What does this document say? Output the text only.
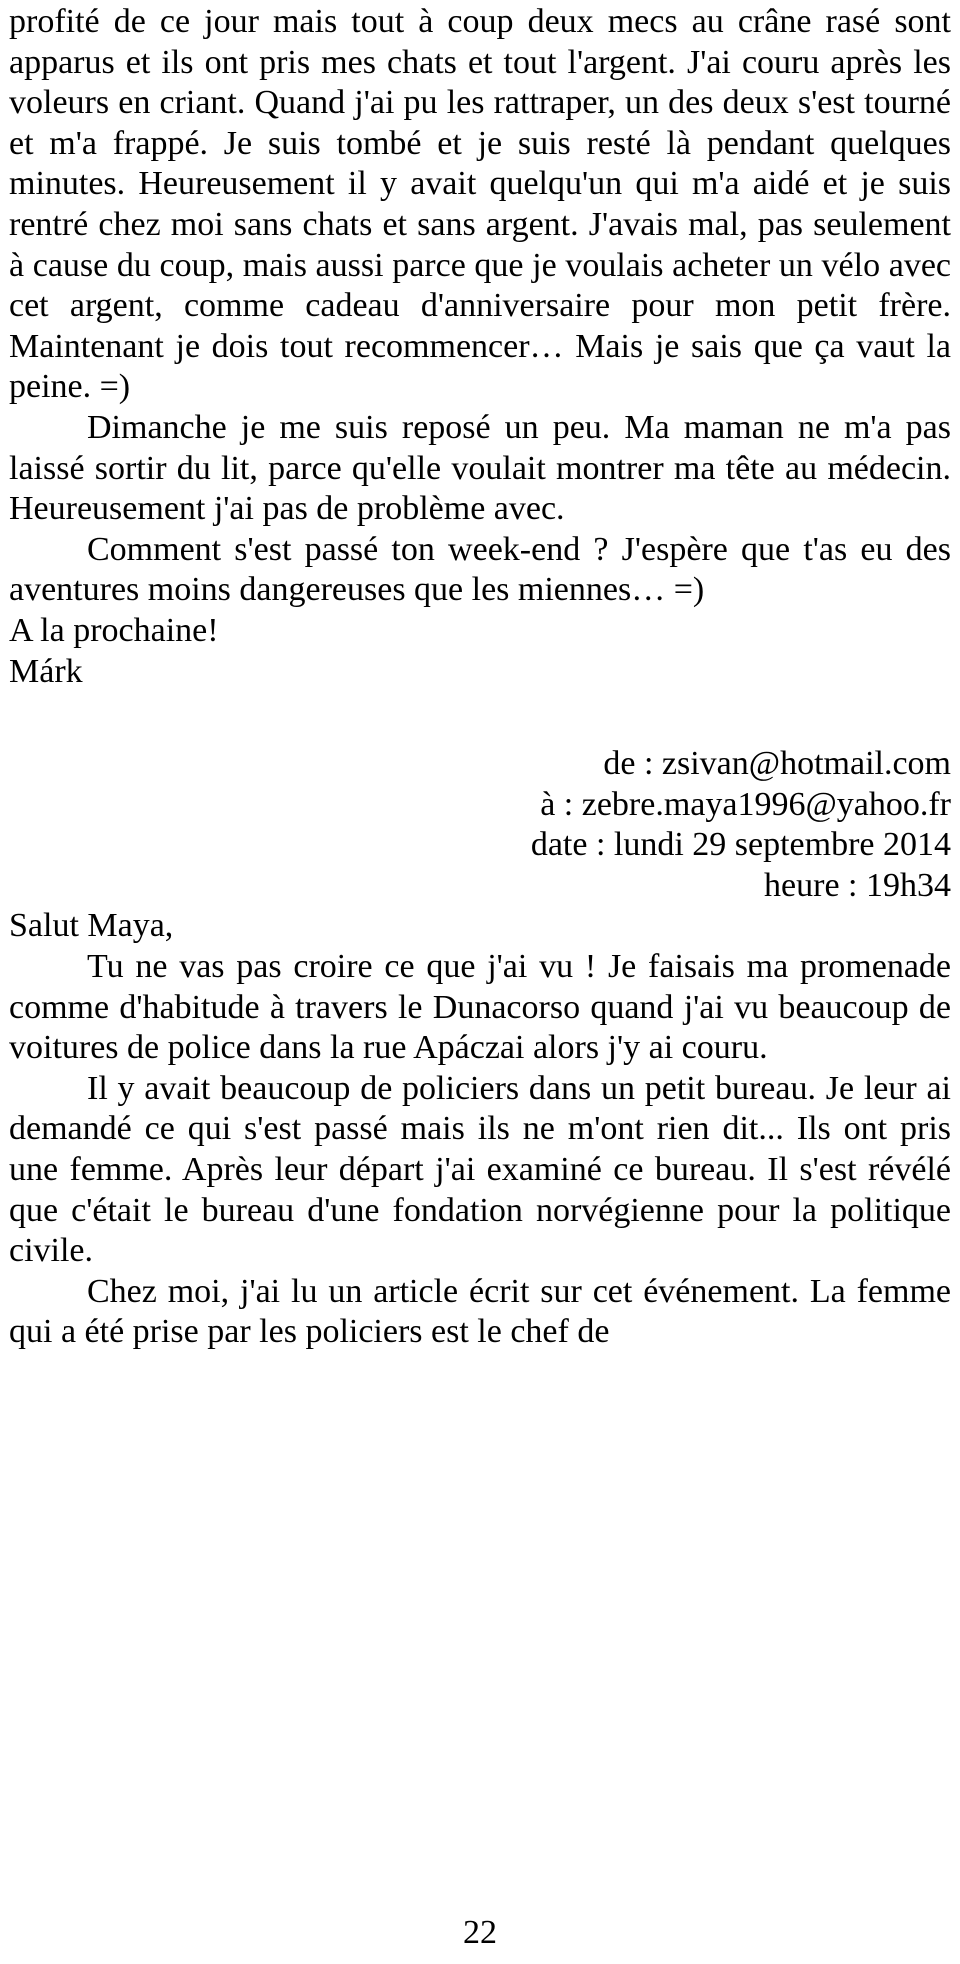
profité de ce jour mais tout à coup deux mecs au crâne rasé sont apparus et ils ont pris mes chats et tout l'argent. J'ai couru après les voleurs en criant. Quand j'ai pu les rattraper, un des deux s'est tourné et m'a frappé. Je suis tombé et je suis resté là pendant quelques minutes. Heureusement il y avait quelqu'un qui m'a aidé et je suis rentré chez moi sans chats et sans argent. J'avais mal, pas seulement à cause du coup, mais aussi parce que je voulais acheter un vélo avec cet argent, comme cadeau d'anniversaire pour mon petit frère. Maintenant je dois tout recommencer… Mais je sais que ça vaut la peine. =)

Dimanche je me suis reposé un peu. Ma maman ne m'a pas laissé sortir du lit, parce qu'elle voulait montrer ma tête au médecin. Heureusement j'ai pas de problème avec.

Comment s'est passé ton week-end ? J'espère que t'as eu des aventures moins dangereuses que les miennes… =)

A la prochaine!

Márk

de : zsivan@hotmail.com

à : zebre.maya1996@yahoo.fr

date : lundi 29 septembre 2014

heure : 19h34

Salut Maya,

Tu ne vas pas croire ce que j'ai vu ! Je faisais ma promenade comme d'habitude à travers le Dunacorso quand j'ai vu beaucoup de voitures de police dans la rue Apáczai alors j'y ai couru.

Il y avait beaucoup de policiers dans un petit bureau. Je leur ai demandé ce qui s'est passé mais ils ne m'ont rien dit... Ils ont pris une femme. Après leur départ j'ai examiné ce bureau. Il s'est révélé que c'était le bureau d'une fondation norvégienne pour la politique civile.

Chez moi, j'ai lu un article écrit sur cet événement. La femme qui a été prise par les policiers est le chef de

22
